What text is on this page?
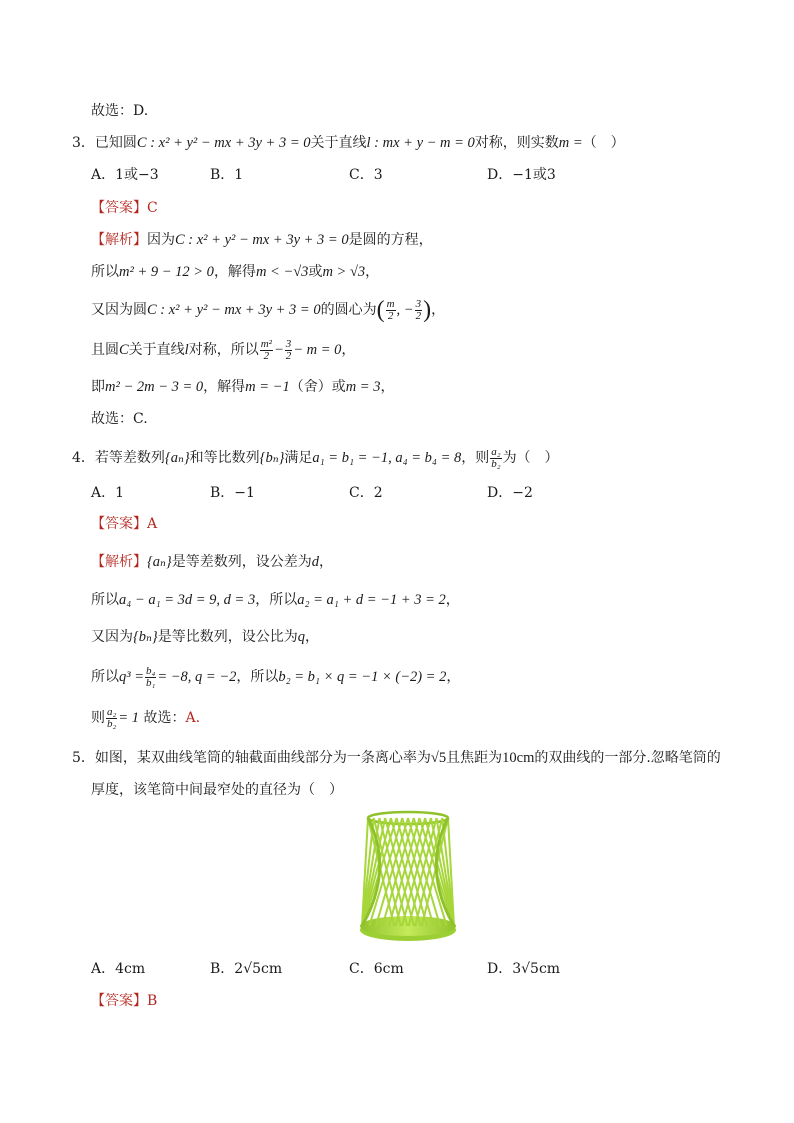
故选：D.
3．已知圆C : x² + y² − mx + 3y + 3 = 0关于直线l : mx + y − m = 0对称，则实数m =（　）
A．1或−3	B．1	C．3	D．−1或3
【答案】C
【解析】因为C : x² + y² − mx + 3y + 3 = 0是圆的方程，
所以m² + 9 − 12 > 0，解得m < −√3或m > √3，
又因为圆C : x² + y² − mx + 3y + 3 = 0的圆心为( $\frac{m}{2}$ , − $\frac{3}{2}$ )，
且圆C关于直线l对称，所以 $\frac{\text{m²}}{2} - \frac{3}{2} - m = 0$，
即m² − 2m − 3 = 0，解得m = −1（舍）或m = 3，
故选：C.
4．若等差数列{aₙ}和等比数列{bₙ}满足a₁ = b₁ = −1, a₄ = b₄ = 8，则 $\frac{\text{a₂}}{\text{b₂}}$ 为（　）
A．1	B．−1	C．2	D．−2
【答案】A
【解析】{aₙ}是等差数列，设公差为d，
所以a₄ − a₁ = 3d = 9, d = 3，所以a₂ = a₁ + d = −1 + 3 = 2，
又因为{bₙ}是等比数列，设公比为q，
所以$q^3 = \frac{\text{b₄}}{\text{b₁}} = -8$, q = −2，所以b₂ = b₁ × q = −1 × (−2) = 2，
则 $\frac{\text{a₂}}{\text{b₂}} = 1$ 故选：A.
5．如图，某双曲线笔筒的轴截面曲线部分为一条离心率为√5且焦距为10cm的双曲线的一部分.忽略笔筒的
厚度，该笔筒中间最窄处的直径为（　）
A．4cm	B．2√5cm	C．6cm	D．3√5cm
【答案】B
